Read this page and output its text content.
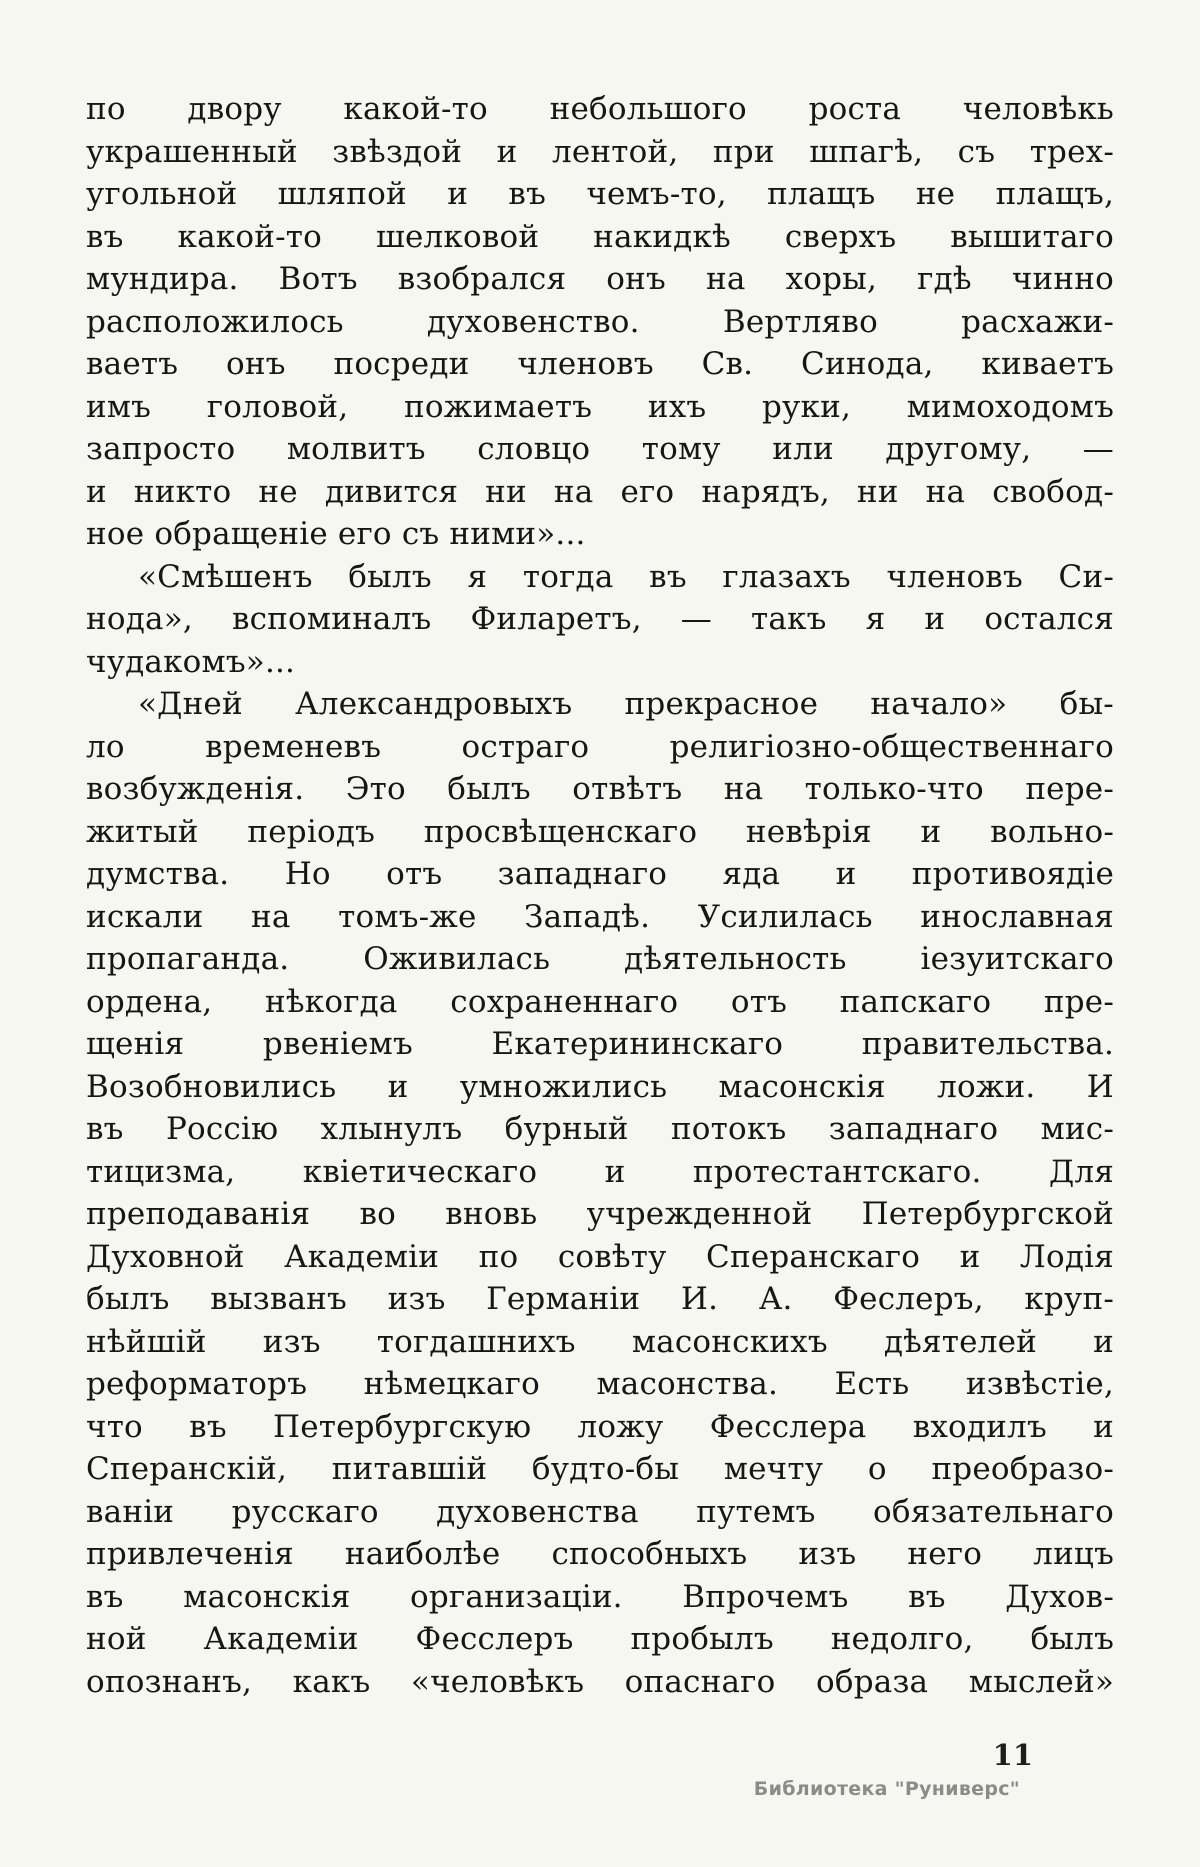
по двору какой-то небольшого роста человѣкь
украшенный звѣздой и лентой, при шпагѣ, съ трех-
угольной шляпой и въ чемъ-то, плащъ не плащъ,
въ какой-то шелковой накидкѣ сверхъ вышитаго
мундира. Вотъ взобрался онъ на хоры, гдѣ чинно
расположилось духовенство. Вертляво расхажи-
ваетъ онъ посреди членовъ Св. Синода, киваетъ
имъ головой, пожимаетъ ихъ руки, мимоходомъ
запросто молвитъ словцо тому или другому, —
и никто не дивится ни на его нарядъ, ни на свобод-
ное обращеніе его съ ними»...
«Смѣшенъ былъ я тогда въ глазахъ членовъ Си-
нода», вспоминалъ Филаретъ, — такъ я и остался
чудакомъ»...
«Дней Александровыхъ прекрасное начало» бы-
ло временевъ остраго религіозно-общественнаго
возбужденія. Это былъ отвѣтъ на только-что пере-
житый періодъ просвѣщенскаго невѣрія и вольно-
думства. Но отъ западнаго яда и противоядіе
искали на томъ-же Западѣ. Усилилась инославная
пропаганда. Оживилась дѣятельность іезуитскаго
ордена, нѣкогда сохраненнаго отъ папскаго пре-
щенія рвеніемъ Екатерининскаго правительства.
Возобновились и умножились масонскія ложи. И
въ Россію хлынулъ бурный потокъ западнаго мис-
тицизма, квіетическаго и протестантскаго. Для
преподаванія во вновь учрежденной Петербургской
Духовной Академіи по совѣту Сперанскаго и Лодія
былъ вызванъ изъ Германіи И. А. Феслеръ, круп-
нѣйшій изъ тогдашнихъ масонскихъ дѣятелей и
реформаторъ нѣмецкаго масонства. Есть извѣстіе,
что въ Петербургскую ложу Фесслера входилъ и
Сперанскій, питавшій будто-бы мечту о преобразо-
ваніи русскаго духовенства путемъ обязательнаго
привлеченія наиболѣе способныхъ изъ него лицъ
въ масонскія организаціи. Впрочемъ въ Духов-
ной Академіи Фесслеръ пробылъ недолго, былъ
опознанъ, какъ «человѣкъ опаснаго образа мыслей»
11
Библиотека "Руниверс"
